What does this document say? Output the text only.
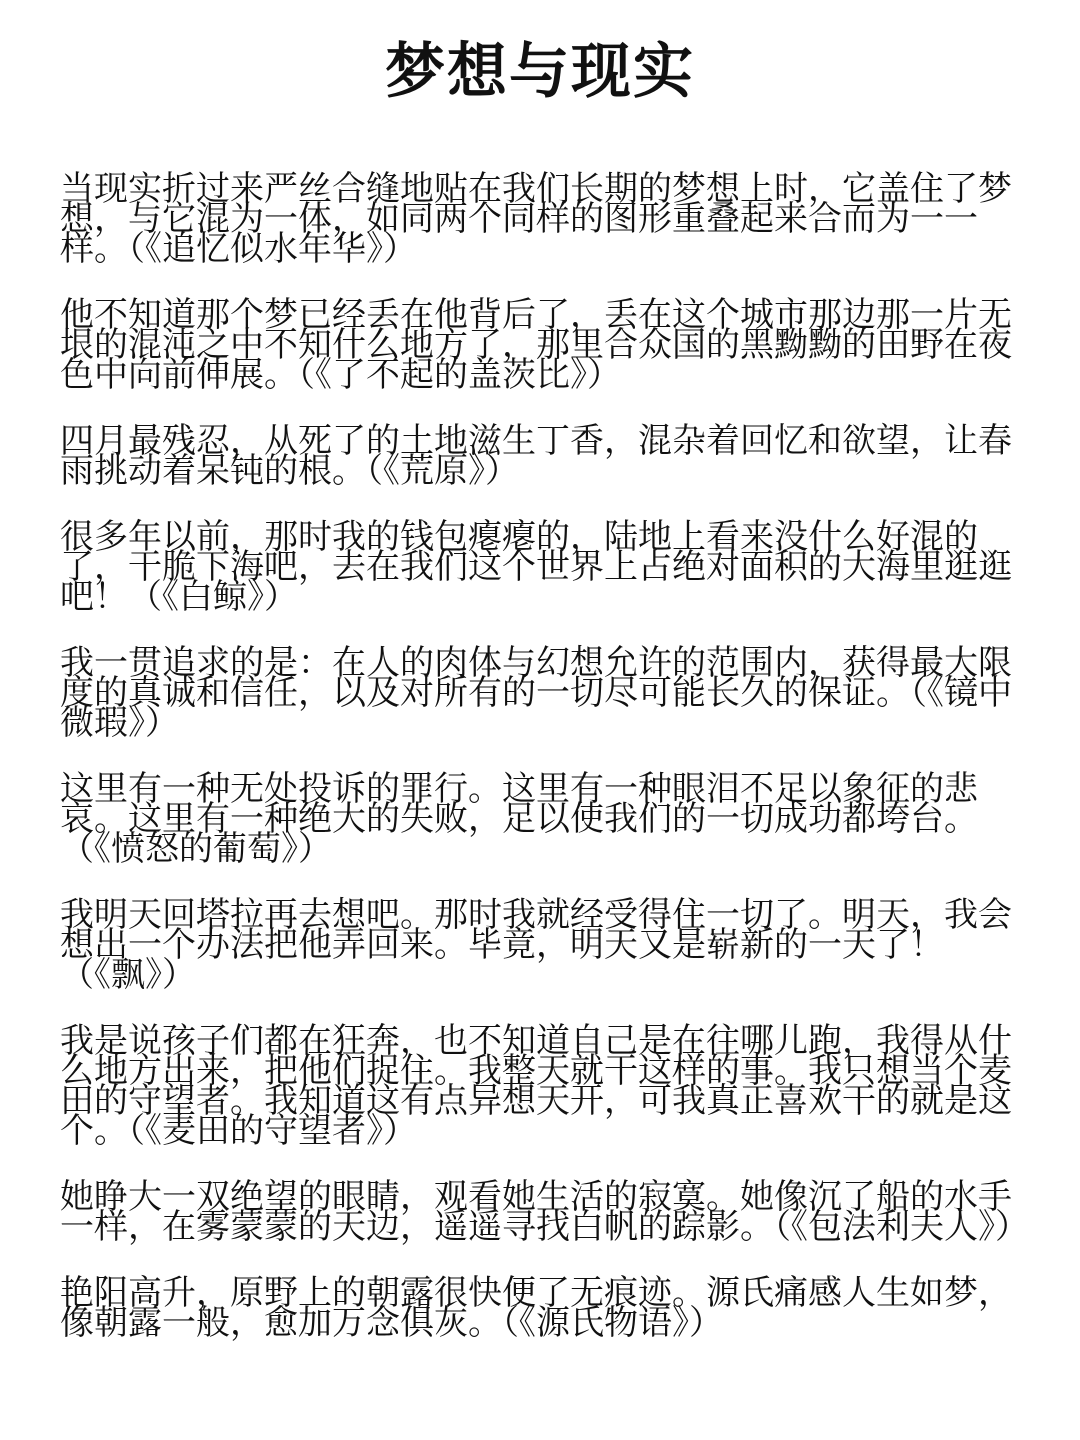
梦想与现实

当现实折过来严丝合缝地贴在我们长期的梦想上时，它盖住了梦想，与它混为一体，如同两个同样的图形重叠起来合而为一一样。（《追忆似水年华》）

他不知道那个梦已经丢在他背后了，丢在这个城市那边那一片无垠的混沌之中不知什么地方了，那里合众国的黑黝黝的田野在夜色中向前伸展。（《了不起的盖茨比》）

四月最残忍，从死了的土地滋生丁香，混杂着回忆和欲望，让春雨挑动着呆钝的根。（《荒原》）

很多年以前，那时我的钱包瘪瘪的，陆地上看来没什么好混的了，干脆下海吧，去在我们这个世界上占绝对面积的大海里逛逛吧！（《白鲸》）

我一贯追求的是：在人的肉体与幻想允许的范围内，获得最大限度的真诚和信任，以及对所有的一切尽可能长久的保证。（《镜中微瑕》）

这里有一种无处投诉的罪行。这里有一种眼泪不足以象征的悲哀。这里有一种绝大的失败，足以使我们的一切成功都垮台。（《愤怒的葡萄》）

我明天回塔拉再去想吧。那时我就经受得住一切了。明天，我会想出一个办法把他弄回来。毕竟，明天又是崭新的一天了！（《飘》）

我是说孩子们都在狂奔，也不知道自己是在往哪儿跑，我得从什么地方出来，把他们捉住。我整天就干这样的事。我只想当个麦田的守望者。我知道这有点异想天开，可我真正喜欢干的就是这个。（《麦田的守望者》）

她睁大一双绝望的眼睛，观看她生活的寂寞。她像沉了船的水手一样，在雾蒙蒙的天边，遥遥寻找白帆的踪影。（《包法利夫人》）

艳阳高升，原野上的朝露很快便了无痕迹。源氏痛感人生如梦，像朝露一般，愈加万念俱灰。（《源氏物语》）
